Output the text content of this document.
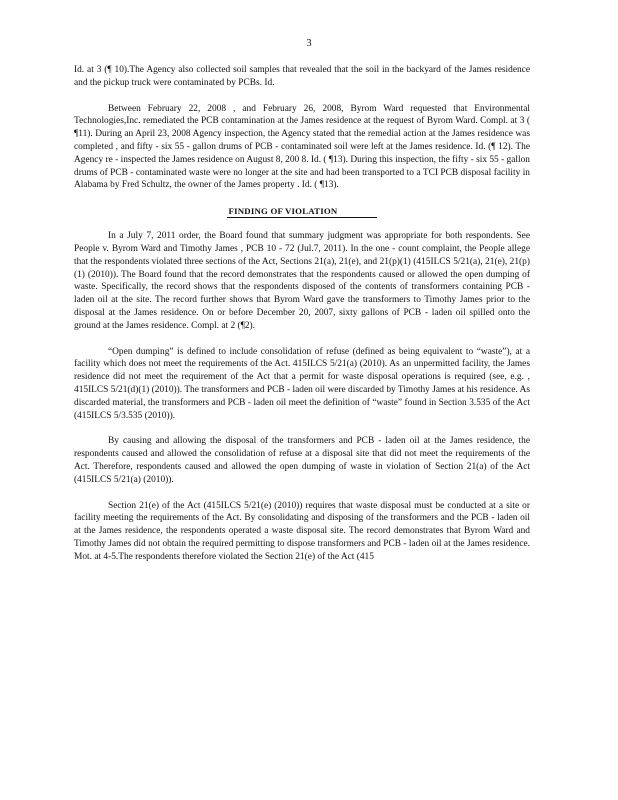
3

Id. at 3 (¶ 10).The Agency also collected soil samples that revealed that the soil in the backyard of the James residence and the pickup truck were contaminated by PCBs. Id.

Between February 22, 2008 , and February 26, 2008, Byrom Ward requested that Environmental Technologies,Inc. remediated the PCB contamination at the James residence at the request of Byrom Ward. Compl. at 3 ( ¶11). During an April 23, 2008 Agency inspection, the Agency stated that the remedial action at the James residence was completed , and fifty - six 55 - gallon drums of PCB - contaminated soil were left at the James residence. Id. (¶ 12). The Agency re - inspected the James residence on August 8, 200 8. Id. ( ¶13). During this inspection, the fifty - six 55 - gallon drums of PCB - contaminated waste were no longer at the site and had been transported to a TCI PCB disposal facility in Alabama by Fred Schultz, the owner of the James property . Id. ( ¶13).

FINDING OF VIOLATION

In a July 7, 2011 order, the Board found that summary judgment was appropriate for both respondents. See People v. Byrom Ward and Timothy James , PCB 10 - 72 (Jul.7, 2011). In the one - count complaint, the People allege that the respondents violated three sections of the Act, Sections 21(a), 21(e), and 21(p)(1) (415ILCS 5/21(a), 21(e), 21(p)(1) (2010)). The Board found that the record demonstrates that the respondents caused or allowed the open dumping of waste. Specifically, the record shows that the respondents disposed of the contents of transformers containing PCB - laden oil at the site. The record further shows that Byrom Ward gave the transformers to Timothy James prior to the disposal at the James residence. On or before December 20, 2007, sixty gallons of PCB - laden oil spilled onto the ground at the James residence. Compl. at 2 (¶2).

“Open dumping” is defined to include consolidation of refuse (defined as being equivalent to “waste”), at a facility which does not meet the requirements of the Act. 415ILCS 5/21(a) (2010). As an unpermitted facility, the James residence did not meet the requirement of the Act that a permit for waste disposal operations is required (see, e.g. , 415ILCS 5/21(d)(1) (2010)). The transformers and PCB - laden oil were discarded by Timothy James at his residence. As discarded material, the transformers and PCB - laden oil meet the definition of “waste” found in Section 3.535 of the Act (415ILCS 5/3.535 (2010)).

By causing and allowing the disposal of the transformers and PCB - laden oil at the James residence, the respondents caused and allowed the consolidation of refuse at a disposal site that did not meet the requirements of the Act. Therefore, respondents caused and allowed the open dumping of waste in violation of Section 21(a) of the Act (415ILCS 5/21(a) (2010)).

Section 21(e) of the Act (415ILCS 5/21(e) (2010)) requires that waste disposal must be conducted at a site or facility meeting the requirements of the Act. By consolidating and disposing of the transformers and the PCB - laden oil at the James residence, the respondents operated a waste disposal site. The record demonstrates that Byrom Ward and Timothy James did not obtain the required permitting to dispose transformers and PCB - laden oil at the James residence. Mot. at 4-5.The respondents therefore violated the Section 21(e) of the Act (415
